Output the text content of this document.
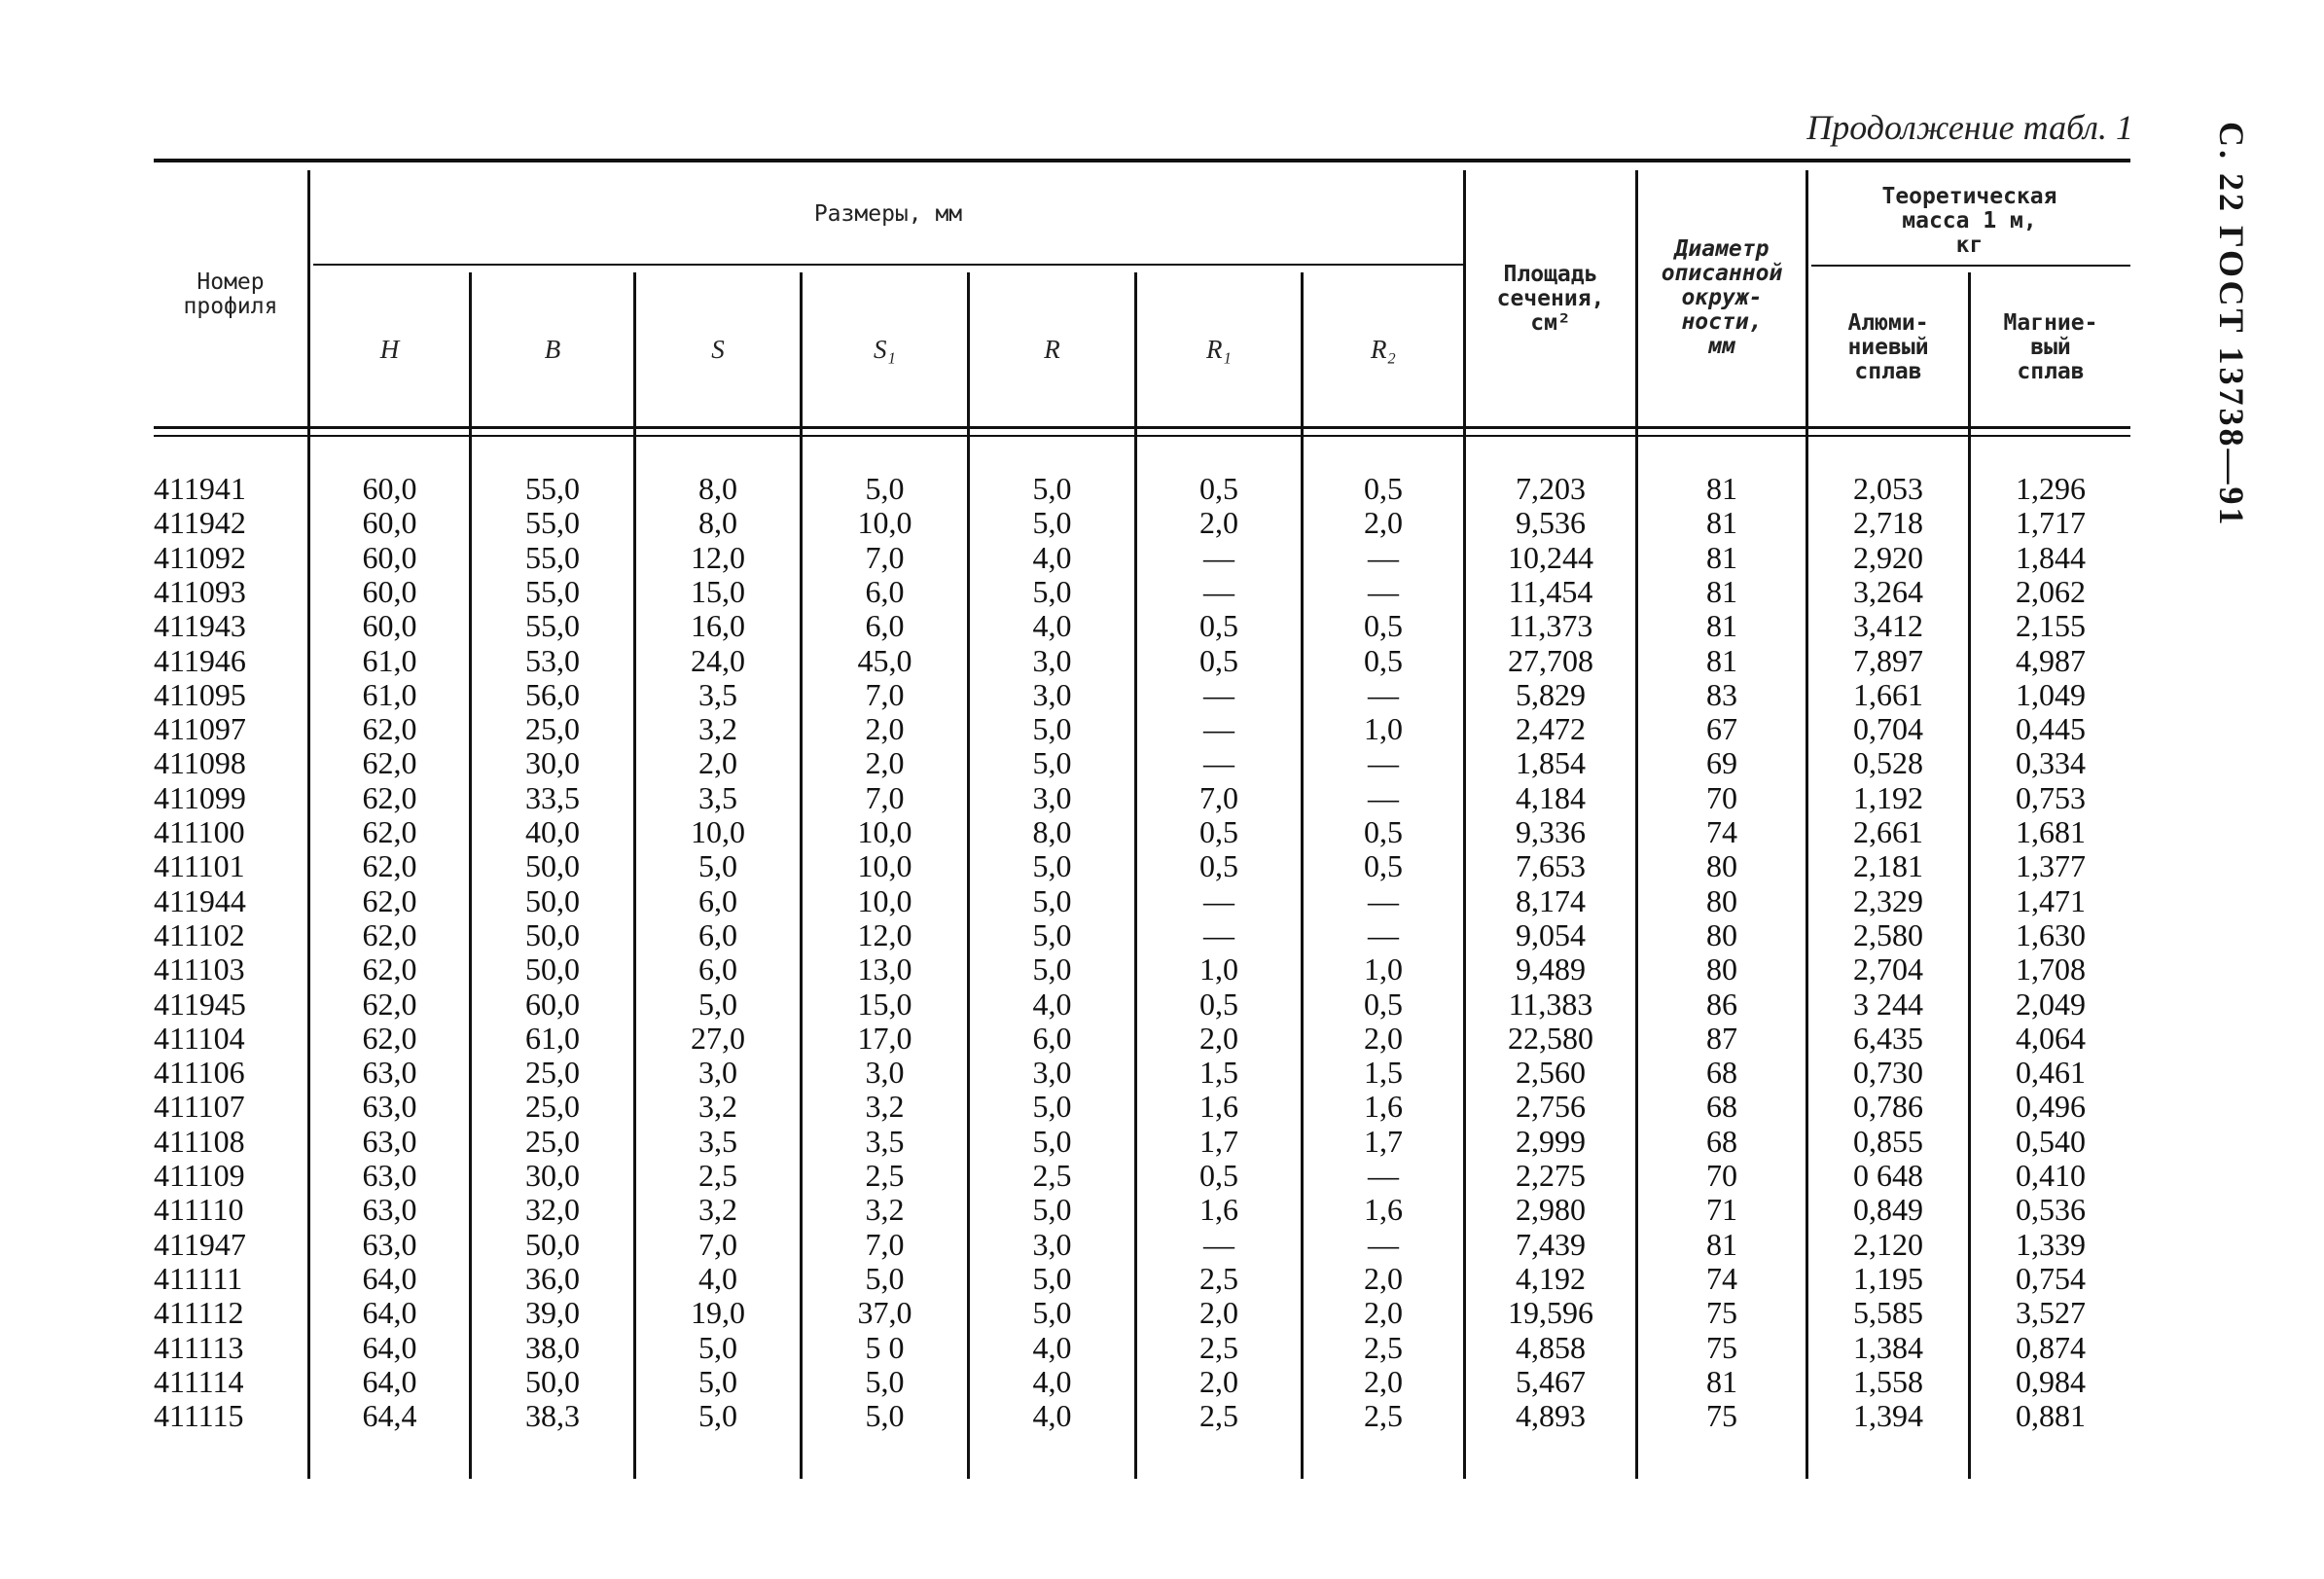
С. 22 ГОСТ 13738—91
Продолжение табл. 1
Номер
профиля
Размеры, мм
H	B	S	S₁	R	R₁	R₂
Площадь
сечения,
см²
Диаметр
описанной
окруж-
ности,
мм
Теоретическая
масса 1 м,
кг
Алюми-
ниевый
сплав
Магние-
вый
сплав
411941	60,0	55,0	8,0	5,0	5,0	0,5	0,5	7,203	81	2,053	1,296
411942	60,0	55,0	8,0	10,0	5,0	2,0	2,0	9,536	81	2,718	1,717
411092	60,0	55,0	12,0	7,0	4,0	—	—	10,244	81	2,920	1,844
411093	60,0	55,0	15,0	6,0	5,0	—	—	11,454	81	3,264	2,062
411943	60,0	55,0	16,0	6,0	4,0	0,5	0,5	11,373	81	3,412	2,155
411946	61,0	53,0	24,0	45,0	3,0	0,5	0,5	27,708	81	7,897	4,987
411095	61,0	56,0	3,5	7,0	3,0	—	—	5,829	83	1,661	1,049
411097	62,0	25,0	3,2	2,0	5,0	—	1,0	2,472	67	0,704	0,445
411098	62,0	30,0	2,0	2,0	5,0	—	—	1,854	69	0,528	0,334
411099	62,0	33,5	3,5	7,0	3,0	7,0	—	4,184	70	1,192	0,753
411100	62,0	40,0	10,0	10,0	8,0	0,5	0,5	9,336	74	2,661	1,681
411101	62,0	50,0	5,0	10,0	5,0	0,5	0,5	7,653	80	2,181	1,377
411944	62,0	50,0	6,0	10,0	5,0	—	—	8,174	80	2,329	1,471
411102	62,0	50,0	6,0	12,0	5,0	—	—	9,054	80	2,580	1,630
411103	62,0	50,0	6,0	13,0	5,0	1,0	1,0	9,489	80	2,704	1,708
411945	62,0	60,0	5,0	15,0	4,0	0,5	0,5	11,383	86	3 244	2,049
411104	62,0	61,0	27,0	17,0	6,0	2,0	2,0	22,580	87	6,435	4,064
411106	63,0	25,0	3,0	3,0	3,0	1,5	1,5	2,560	68	0,730	0,461
411107	63,0	25,0	3,2	3,2	5,0	1,6	1,6	2,756	68	0,786	0,496
411108	63,0	25,0	3,5	3,5	5,0	1,7	1,7	2,999	68	0,855	0,540
411109	63,0	30,0	2,5	2,5	2,5	0,5	—	2,275	70	0 648	0,410
411110	63,0	32,0	3,2	3,2	5,0	1,6	1,6	2,980	71	0,849	0,536
411947	63,0	50,0	7,0	7,0	3,0	—	—	7,439	81	2,120	1,339
411111	64,0	36,0	4,0	5,0	5,0	2,5	2,0	4,192	74	1,195	0,754
411112	64,0	39,0	19,0	37,0	5,0	2,0	2,0	19,596	75	5,585	3,527
411113	64,0	38,0	5,0	5 0	4,0	2,5	2,5	4,858	75	1,384	0,874
411114	64,0	50,0	5,0	5,0	4,0	2,0	2,0	5,467	81	1,558	0,984
411115	64,4	38,3	5,0	5,0	4,0	2,5	2,5	4,893	75	1,394	0,881
